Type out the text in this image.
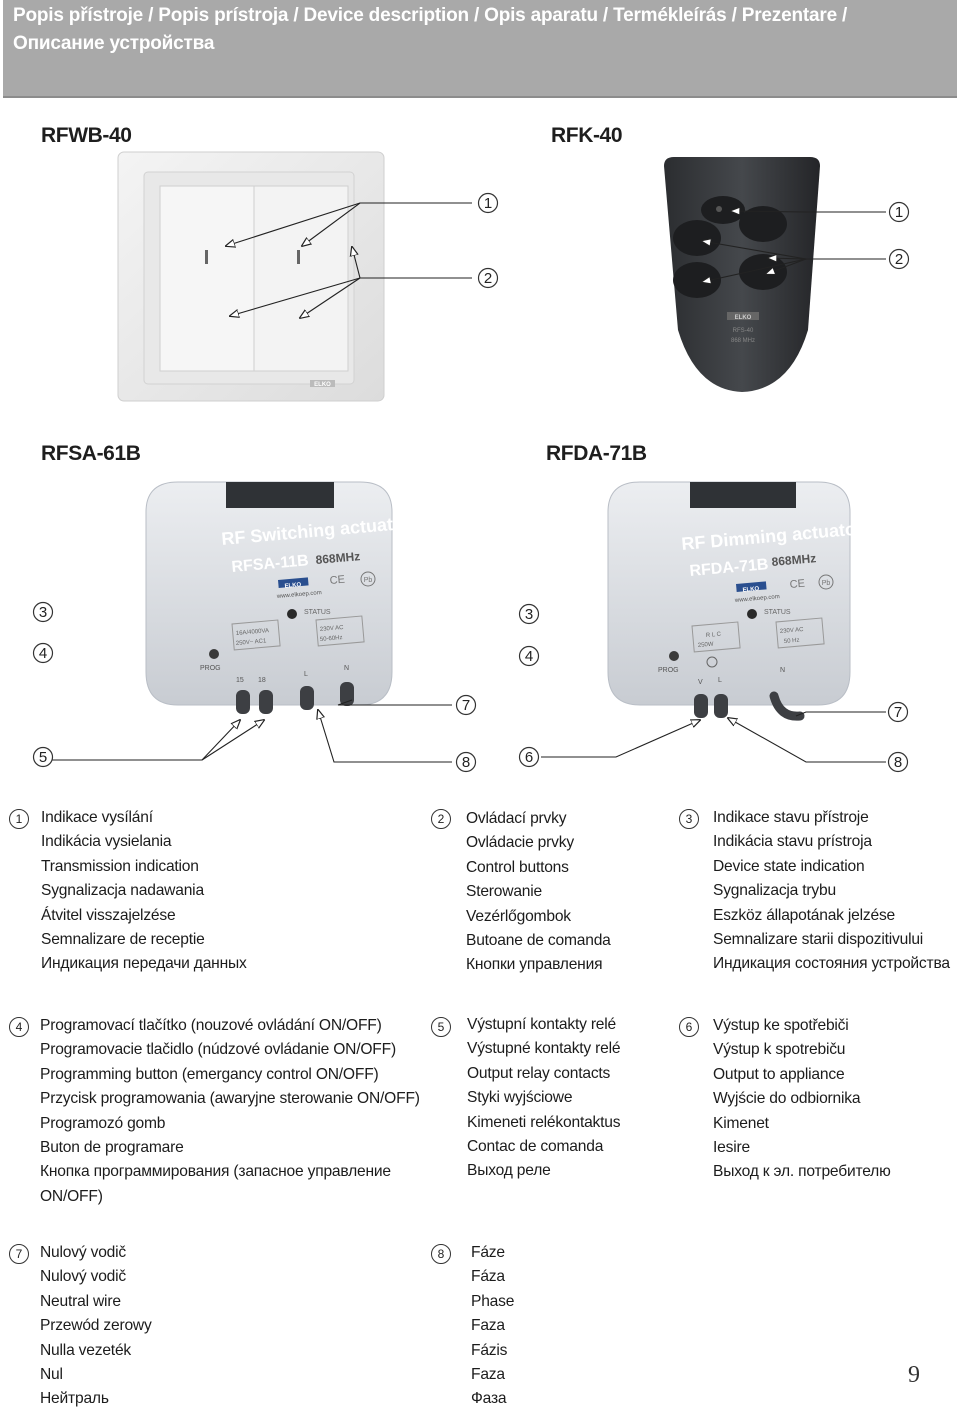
Popis přístroje / Popis prístroja / Device description / Opis aparatu / Termékleírás / Prezentare /
Описание устройства
RFWB-40	RFK-40
RFSA-61B	RFDA-71B
ELKO
ELKO
RFS-40
868 MHz
RF Switching actuator
RFSA-11B 868MHz
ELKO
www.elkoep.com
CE	Pb
STATUS
16A/4000VA
250V~ AC1
230V AC
50-60Hz
PROG
15 18
L
N
RF Dimming actuator
RFDA-71B 868MHz
ELKO
www.elkoep.com
CE Pb
STATUS
R L C
250W
230V AC
50 Hz
PROG
V L
N
1
2
1
2
3
4
5
7
8
3
4
6
7
8
1	2	3
4	5	6
7	8
Indikace vysílání
Indikácia vysielania
Transmission indication
Sygnalizacja nadawania
Átvitel visszajelzése
Semnalizare de receptie
Индикация передачи данных
Ovládací prvky
Ovládacie prvky
Control buttons
Sterowanie
Vezérlőgombok
Butoane de comanda
Кнопки управления
Indikace stavu přístroje
Indikácia stavu prístroja
Device state indication
Sygnalizacja trybu
Eszköz állapotának jelzése
Semnalizare starii dispozitivului
Индикация состояния устройства
Programovací tlačítko (nouzové ovládání ON/OFF)
Programovacie tlačidlo (núdzové ovládanie ON/OFF)
Programming button (emergancy control ON/OFF)
Przycisk programowania (awaryjne sterowanie ON/OFF)
Programozó gomb
Buton de programare
Кнопка программирования (запасное управление ON/OFF)
Výstupní kontakty relé
Výstupné kontakty relé
Output relay contacts
Styki wyjściowe
Kimeneti relékontaktus
Contac de comanda
Выход реле
Výstup ke spotřebiči
Výstup k spotrebiču
Output to appliance
Wyjście do odbiornika
Kimenet
Iesire
Выход к эл. потребителю
Nulový vodič
Nulový vodič
Neutral wire
Przewód zerowy
Nulla vezeték
Nul
Нейтраль
Fáze
Fáza
Phase
Faza
Fázis
Faza
Фаза
9
